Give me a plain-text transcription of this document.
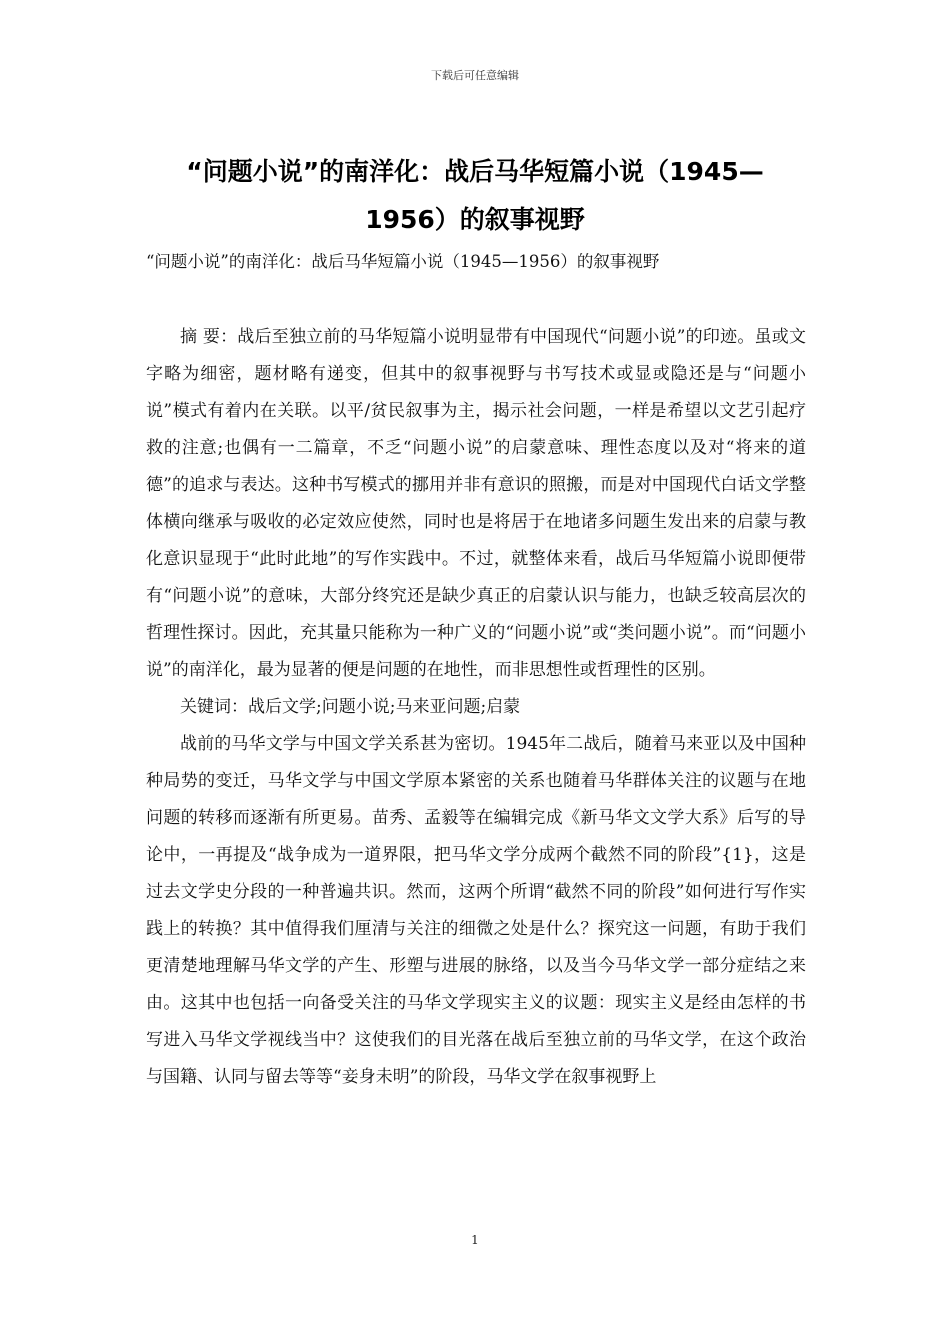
下载后可任意编辑
“问题小说”的南洋化：战后马华短篇小说（1945—
1956）的叙事视野
“问题小说”的南洋化：战后马华短篇小说（1945—1956）的叙事视野

摘 要：战后至独立前的马华短篇小说明显带有中国现代“问题小说”的印迹。虽或文字略为细密，题材略有递变，但其中的叙事视野与书写技术或显或隐还是与“问题小说”模式有着内在关联。以平/贫民叙事为主，揭示社会问题，一样是希望以文艺引起疗救的注意;也偶有一二篇章，不乏“问题小说”的启蒙意味、理性态度以及对“将来的道德”的追求与表达。这种书写模式的挪用并非有意识的照搬，而是对中国现代白话文学整体横向继承与吸收的必定效应使然，同时也是将居于在地诸多问题生发出来的启蒙与教化意识显现于“此时此地”的写作实践中。不过，就整体来看，战后马华短篇小说即便带有“问题小说”的意味，大部分终究还是缺少真正的启蒙认识与能力，也缺乏较高层次的哲理性探讨。因此，充其量只能称为一种广义的“问题小说”或“类问题小说”。而“问题小说”的南洋化，最为显著的便是问题的在地性，而非思想性或哲理性的区别。

关键词：战后文学;问题小说;马来亚问题;启蒙

战前的马华文学与中国文学关系甚为密切。1945年二战后，随着马来亚以及中国种种局势的变迁，马华文学与中国文学原本紧密的关系也随着马华群体关注的议题与在地问题的转移而逐渐有所更易。苗秀、孟毅等在编辑完成《新马华文文学大系》后写的导论中，一再提及“战争成为一道界限，把马华文学分成两个截然不同的阶段”{1}，这是过去文学史分段的一种普遍共识。然而，这两个所谓“截然不同的阶段”如何进行写作实践上的转换？其中值得我们厘清与关注的细微之处是什么？探究这一问题，有助于我们更清楚地理解马华文学的产生、形塑与进展的脉络，以及当今马华文学一部分症结之来由。这其中也包括一向备受关注的马华文学现实主义的议题：现实主义是经由怎样的书写进入马华文学视线当中？这使我们的目光落在战后至独立前的马华文学，在这个政治与国籍、认同与留去等等“妾身未明”的阶段，马华文学在叙事视野上

1
